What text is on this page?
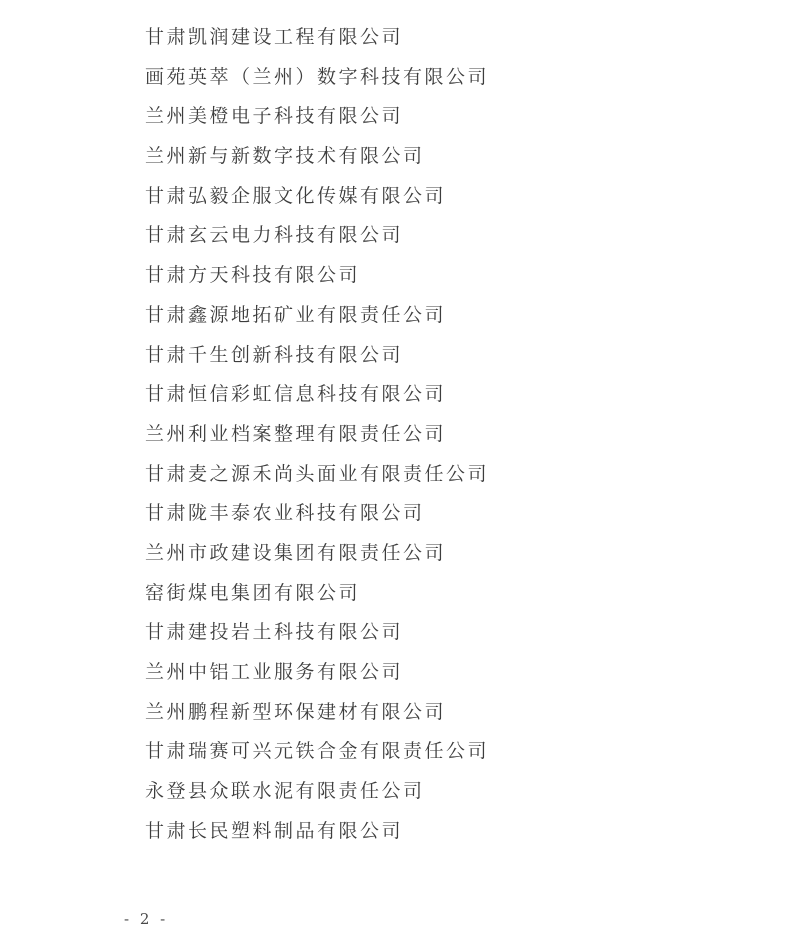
甘肃凯润建设工程有限公司
画苑英萃（兰州）数字科技有限公司
兰州美橙电子科技有限公司
兰州新与新数字技术有限公司
甘肃弘毅企服文化传媒有限公司
甘肃玄云电力科技有限公司
甘肃方天科技有限公司
甘肃鑫源地拓矿业有限责任公司
甘肃千生创新科技有限公司
甘肃恒信彩虹信息科技有限公司
兰州利业档案整理有限责任公司
甘肃麦之源禾尚头面业有限责任公司
甘肃陇丰泰农业科技有限公司
兰州市政建设集团有限责任公司
窑街煤电集团有限公司
甘肃建投岩土科技有限公司
兰州中铝工业服务有限公司
兰州鹏程新型环保建材有限公司
甘肃瑞赛可兴元铁合金有限责任公司
永登县众联水泥有限责任公司
甘肃长民塑料制品有限公司
- 2 -
